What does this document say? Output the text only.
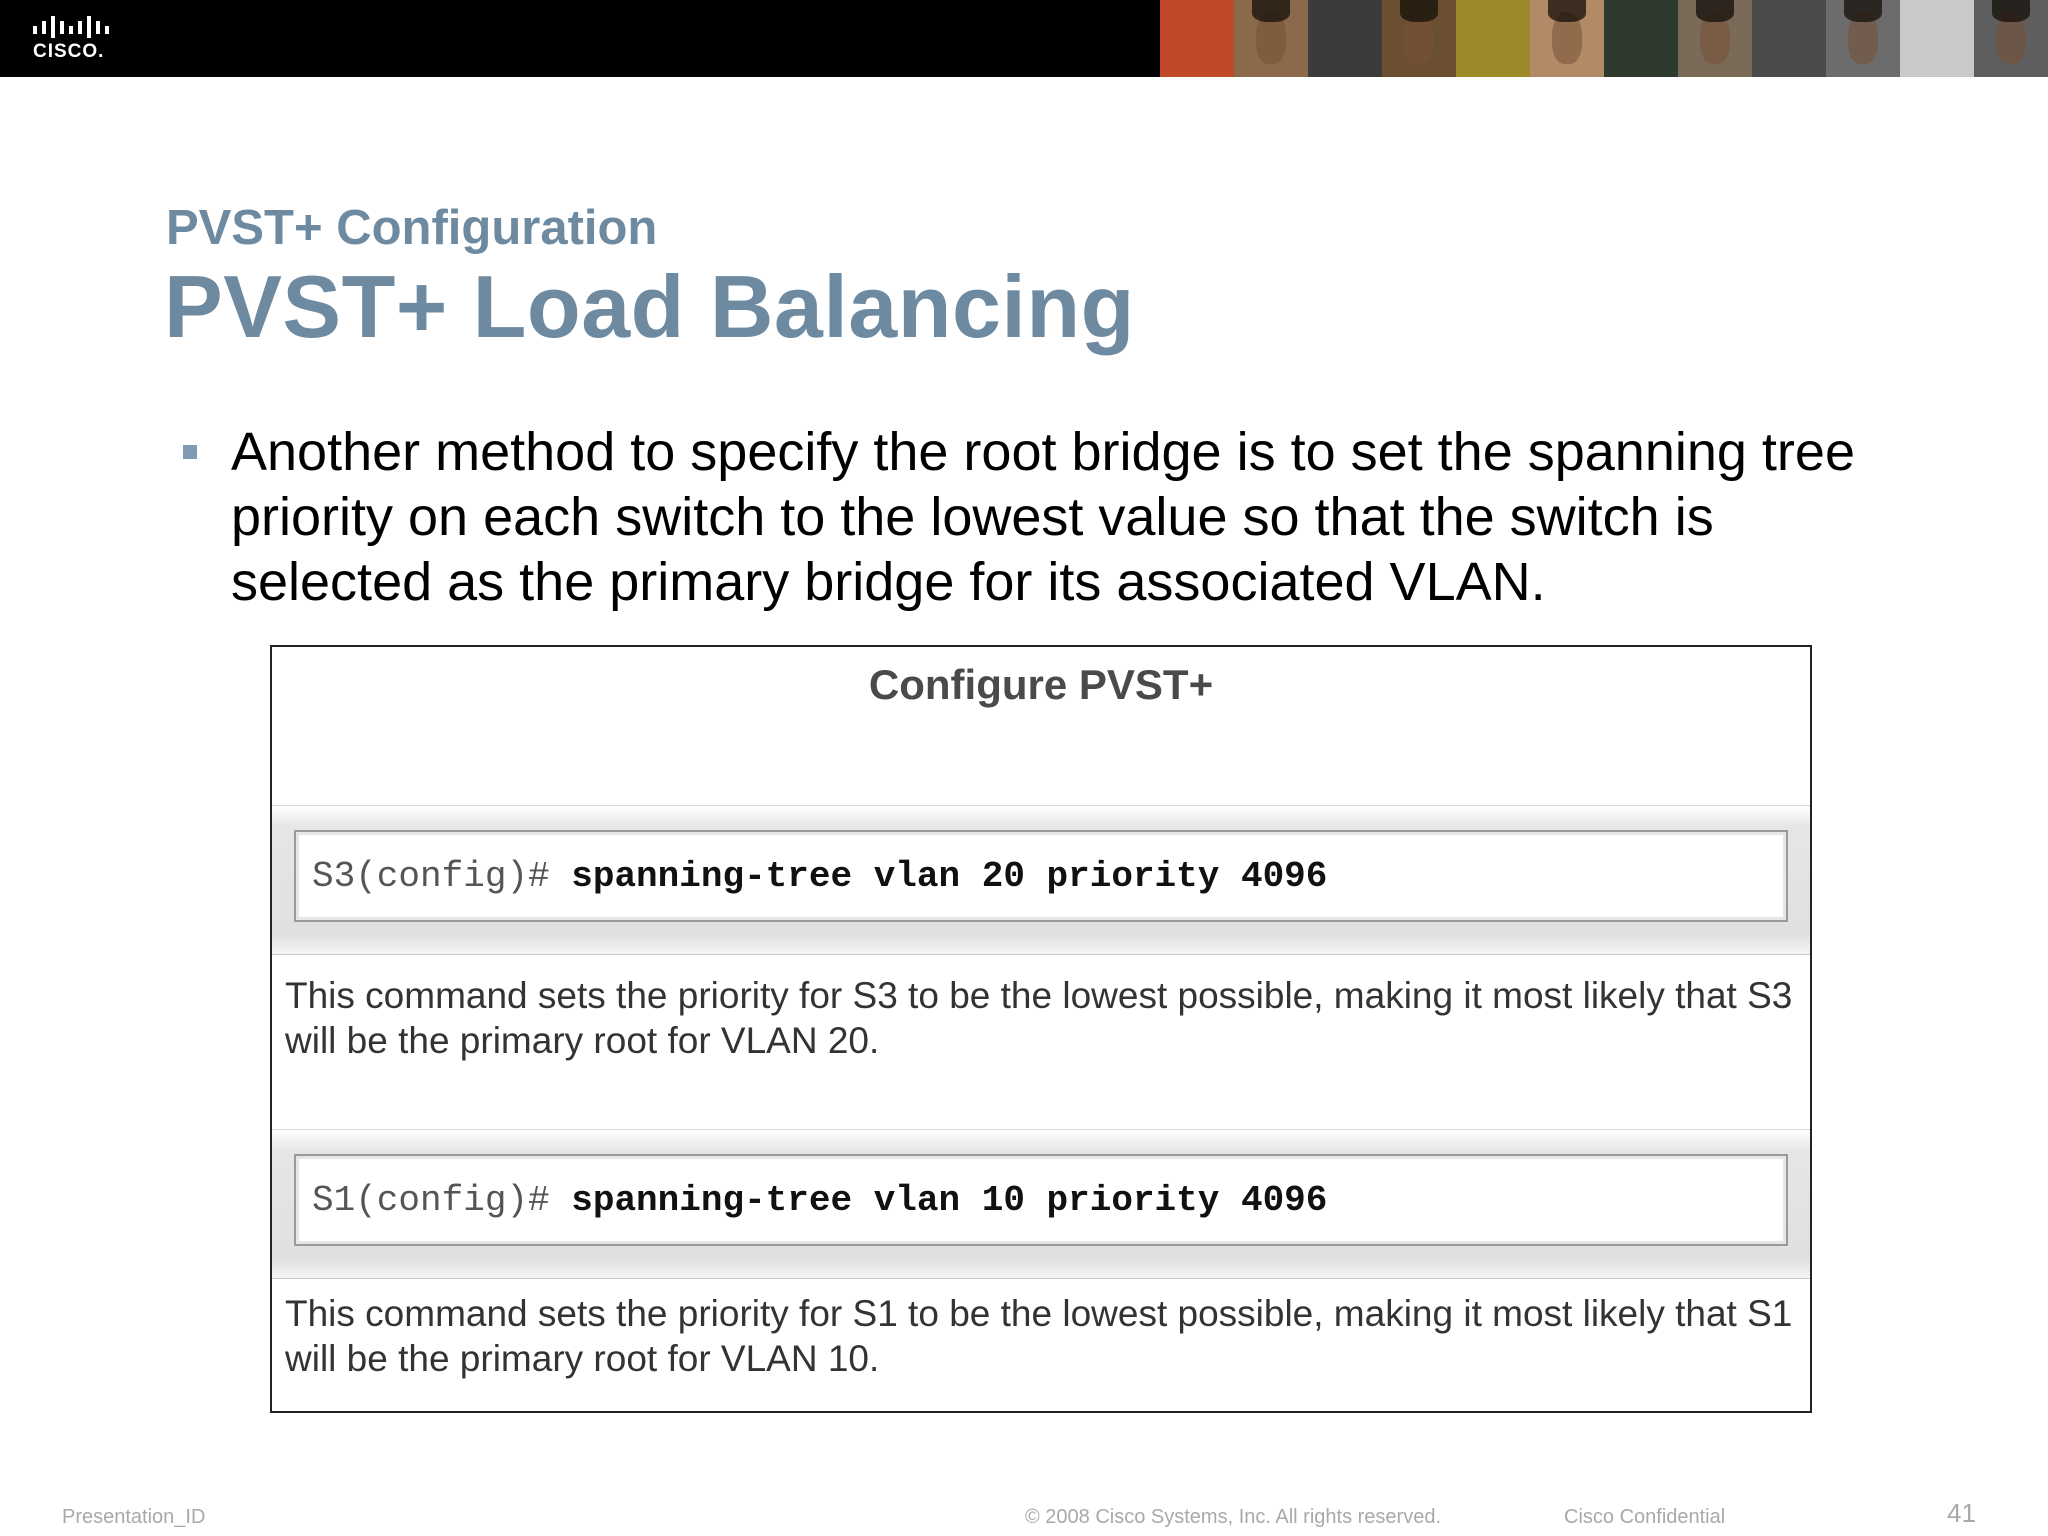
CISCO.
PVST+ Configuration
PVST+ Load Balancing

Another method to specify the root bridge is to set the spanning tree priority on each switch to the lowest value so that the switch is selected as the primary bridge for its associated VLAN.

Configure PVST+

S3(config)# spanning-tree vlan 20 priority 4096

This command sets the priority for S3 to be the lowest possible, making it most likely that S3 will be the primary root for VLAN 20.

S1(config)# spanning-tree vlan 10 priority 4096

This command sets the priority for S1 to be the lowest possible, making it most likely that S1 will be the primary root for VLAN 10.

Presentation_ID	© 2008 Cisco Systems, Inc. All rights reserved.	Cisco Confidential	41
